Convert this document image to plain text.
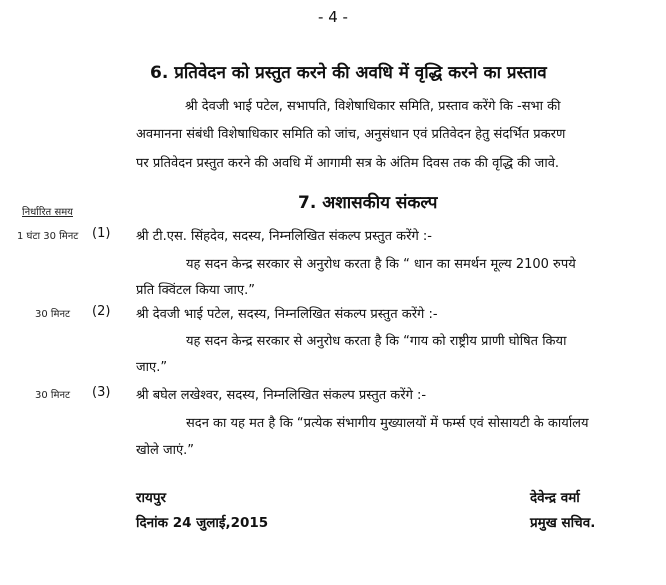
- 4 -
6. प्रतिवेदन को प्रस्तुत करने की अवधि में वृद्धि करने का प्रस्ताव
श्री देवजी भाई पटेल, सभापति, विशेषाधिकार समिति, प्रस्ताव करेंगे कि -सभा की
अवमानना संबंधी विशेषाधिकार समिति को जांच, अनुसंधान एवं प्रतिवेदन हेतु संदर्भित प्रकरण
पर प्रतिवेदन प्रस्तुत करने की अवधि में आगामी सत्र के अंतिम दिवस तक की वृद्धि की जावे.
निर्धारित समय	7. अशासकीय संकल्प
1 घंटा 30 मिनट (1) श्री टी.एस. सिंहदेव, सदस्य, निम्नलिखित संकल्प प्रस्तुत करेंगे :-
यह सदन केन्द्र सरकार से अनुरोध करता है कि “ धान का समर्थन मूल्य 2100 रुपये
प्रति क्विंटल किया जाए.”
30 मिनट (2) श्री देवजी भाई पटेल, सदस्य, निम्नलिखित संकल्प प्रस्तुत करेंगे :-
यह सदन केन्द्र सरकार से अनुरोध करता है कि “गाय को राष्ट्रीय प्राणी घोषित किया
जाए.”
30 मिनट (3) श्री बघेल लखेश्वर, सदस्य, निम्नलिखित संकल्प प्रस्तुत करेंगे :-
सदन का यह मत है कि “प्रत्येक संभागीय मुख्यालयों में फर्म्स एवं सोसायटी के कार्यालय
खोले जाएं.”
रायपुर
दिनांक 24 जुलाई,2015
देवेन्द्र वर्मा
प्रमुख सचिव.
